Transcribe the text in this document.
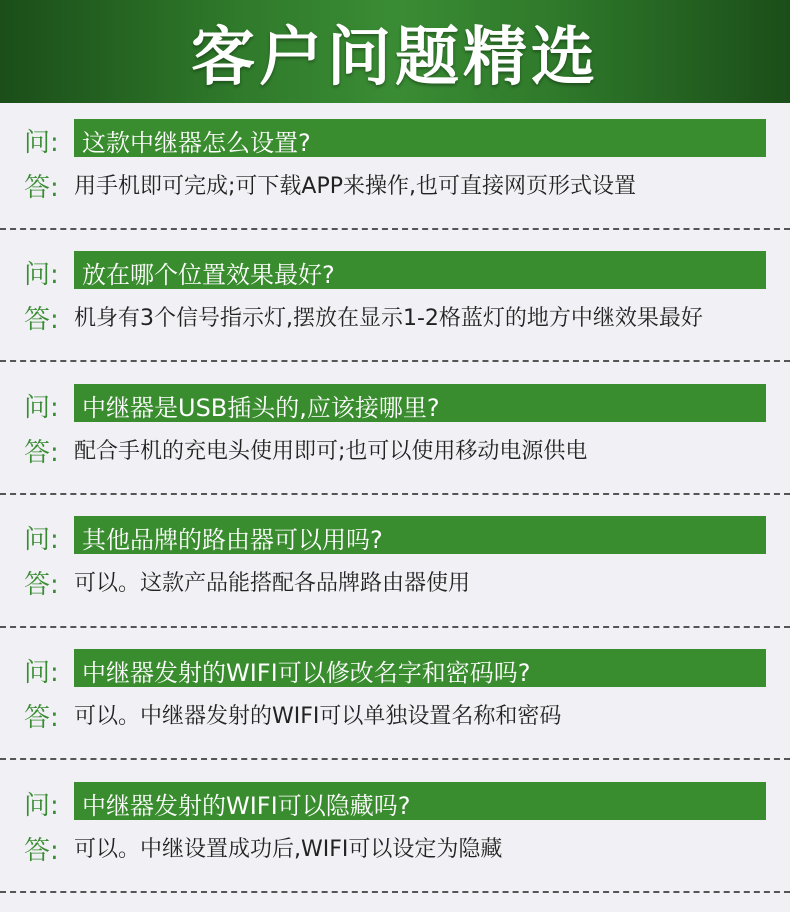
客户问题精选
问: 这款中继器怎么设置?
答: 用手机即可完成;可下载APP来操作,也可直接网页形式设置
问: 放在哪个位置效果最好?
答: 机身有3个信号指示灯,摆放在显示1-2格蓝灯的地方中继效果最好
问: 中继器是USB插头的,应该接哪里?
答: 配合手机的充电头使用即可;也可以使用移动电源供电
问: 其他品牌的路由器可以用吗?
答: 可以。这款产品能搭配各品牌路由器使用
问: 中继器发射的WIFI可以修改名字和密码吗?
答: 可以。中继器发射的WIFI可以单独设置名称和密码
问: 中继器发射的WIFI可以隐藏吗?
答: 可以。中继设置成功后,WIFI可以设定为隐藏
